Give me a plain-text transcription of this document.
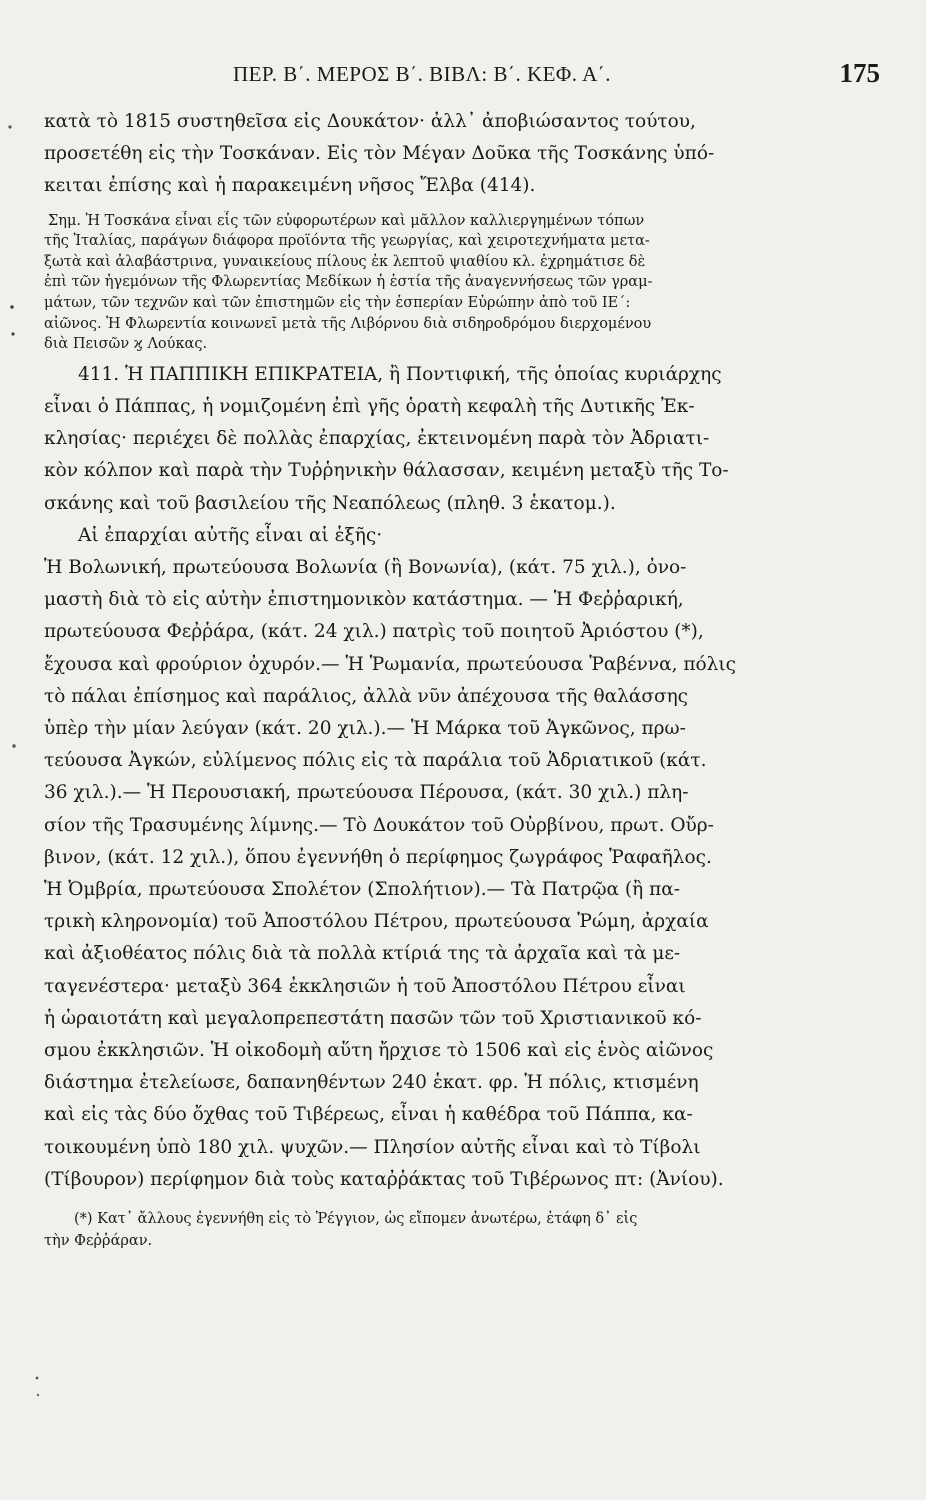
ΠΕΡ. Β΄. ΜΕΡΟΣ Β΄. ΒΙΒΛ: Β΄. ΚΕΦ. Α΄.	175
κατὰ τὸ 1815 συστηθεῖσα εἰς Δουκάτον· ἀλλ᾽ ἀποβιώσαντος τούτου,
προσετέθη εἰς τὴν Τοσκάναν. Εἰς τὸν Μέγαν Δοῦκα τῆς Τοσκάνης ὑπό-
κειται ἐπίσης καὶ ἡ παρακειμένη νῆσος Ἔλβα (414).
Σημ. Ἡ Τοσκάνα εἶναι εἷς τῶν εὐφορωτέρων καὶ μᾶλλον καλλιεργημένων τόπων
τῆς Ἰταλίας, παράγων διάφορα προϊόντα τῆς γεωργίας, καὶ χειροτεχνήματα μετα-
ξωτὰ καὶ ἀλαβάστρινα, γυναικείους πίλους ἐκ λεπτοῦ ψιαθίου κλ. ἐχρημάτισε δὲ
ἐπὶ τῶν ἡγεμόνων τῆς Φλωρεντίας Μεδίκων ἡ ἑστία τῆς ἀναγεννήσεως τῶν γραμ-
μάτων, τῶν τεχνῶν καὶ τῶν ἐπιστημῶν εἰς τὴν ἑσπερίαν Εὐρώπην ἀπὸ τοῦ ΙΕ΄:
αἰῶνος. Ἡ Φλωρεντία κοινωνεῖ μετὰ τῆς Λιβόρνου διὰ σιδηροδρόμου διερχομένου
διὰ Πεισῶν ϗ Λούκας.
411. Ἡ ΠΑΠΠΙΚΗ ΕΠΙΚΡΑΤΕΙΑ, ἢ Ποντιφική, τῆς ὁποίας κυριάρχης
εἶναι ὁ Πάππας, ἡ νομιζομένη ἐπὶ γῆς ὁρατὴ κεφαλὴ τῆς Δυτικῆς Ἐκ-
κλησίας· περιέχει δὲ πολλὰς ἐπαρχίας, ἐκτεινομένη παρὰ τὸν Ἀδριατι-
κὸν κόλπον καὶ παρὰ τὴν Τυῤῥηνικὴν θάλασσαν, κειμένη μεταξὺ τῆς Το-
σκάνης καὶ τοῦ βασιλείου τῆς Νεαπόλεως (πληθ. 3 ἑκατομ.).
Αἱ ἐπαρχίαι αὐτῆς εἶναι αἱ ἑξῆς·
Ἡ Βολωνική, πρωτεύουσα Βολωνία (ἢ Βονωνία), (κάτ. 75 χιλ.), ὀνο-
μαστὴ διὰ τὸ εἰς αὐτὴν ἐπιστημονικὸν κατάστημα. — Ἡ Φεῤῥαρική,
πρωτεύουσα Φεῤῥάρα, (κάτ. 24 χιλ.) πατρὶς τοῦ ποιητοῦ Ἀριόστου (*),
ἔχουσα καὶ φρούριον ὀχυρόν.— Ἡ Ῥωμανία, πρωτεύουσα Ῥαβέννα, πόλις
τὸ πάλαι ἐπίσημος καὶ παράλιος, ἀλλὰ νῦν ἀπέχουσα τῆς θαλάσσης
ὑπὲρ τὴν μίαν λεύγαν (κάτ. 20 χιλ.).— Ἡ Μάρκα τοῦ Ἀγκῶνος, πρω-
τεύουσα Ἀγκών, εὐλίμενος πόλις εἰς τὰ παράλια τοῦ Ἀδριατικοῦ (κάτ.
36 χιλ.).— Ἡ Περουσιακή, πρωτεύουσα Πέρουσα, (κάτ. 30 χιλ.) πλη-
σίον τῆς Τρασυμένης λίμνης.— Τὸ Δουκάτον τοῦ Οὐρβίνου, πρωτ. Οὔρ-
βινον, (κάτ. 12 χιλ.), ὅπου ἐγεννήθη ὁ περίφημος ζωγράφος Ῥαφαῆλος.
Ἡ Ὀμβρία, πρωτεύουσα Σπολέτον (Σπολήτιον).— Τὰ Πατρῷα (ἢ πα-
τρικὴ κληρονομία) τοῦ Ἀποστόλου Πέτρου, πρωτεύουσα Ῥώμη, ἀρχαία
καὶ ἀξιοθέατος πόλις διὰ τὰ πολλὰ κτίριά της τὰ ἀρχαῖα καὶ τὰ με-
ταγενέστερα· μεταξὺ 364 ἐκκλησιῶν ἡ τοῦ Ἀποστόλου Πέτρου εἶναι
ἡ ὡραιοτάτη καὶ μεγαλοπρεπεστάτη πασῶν τῶν τοῦ Χριστιανικοῦ κό-
σμου ἐκκλησιῶν. Ἡ οἰκοδομὴ αὕτη ἤρχισε τὸ 1506 καὶ εἰς ἑνὸς αἰῶνος
διάστημα ἐτελείωσε, δαπανηθέντων 240 ἑκατ. φρ. Ἡ πόλις, κτισμένη
καὶ εἰς τὰς δύο ὄχθας τοῦ Τιβέρεως, εἶναι ἡ καθέδρα τοῦ Πάππα, κα-
τοικουμένη ὑπὸ 180 χιλ. ψυχῶν.— Πλησίον αὐτῆς εἶναι καὶ τὸ Τίβολι
(Τίβουρον) περίφημον διὰ τοὺς καταῤῥάκτας τοῦ Τιβέρωνος πτ: (Ἀνίου).
(*) Κατ᾽ ἄλλους ἐγεννήθη εἰς τὸ Ῥέγγιον, ὡς εἴπομεν ἀνωτέρω, ἐτάφη δ᾽ εἰς
τὴν Φεῤῥάραν.
